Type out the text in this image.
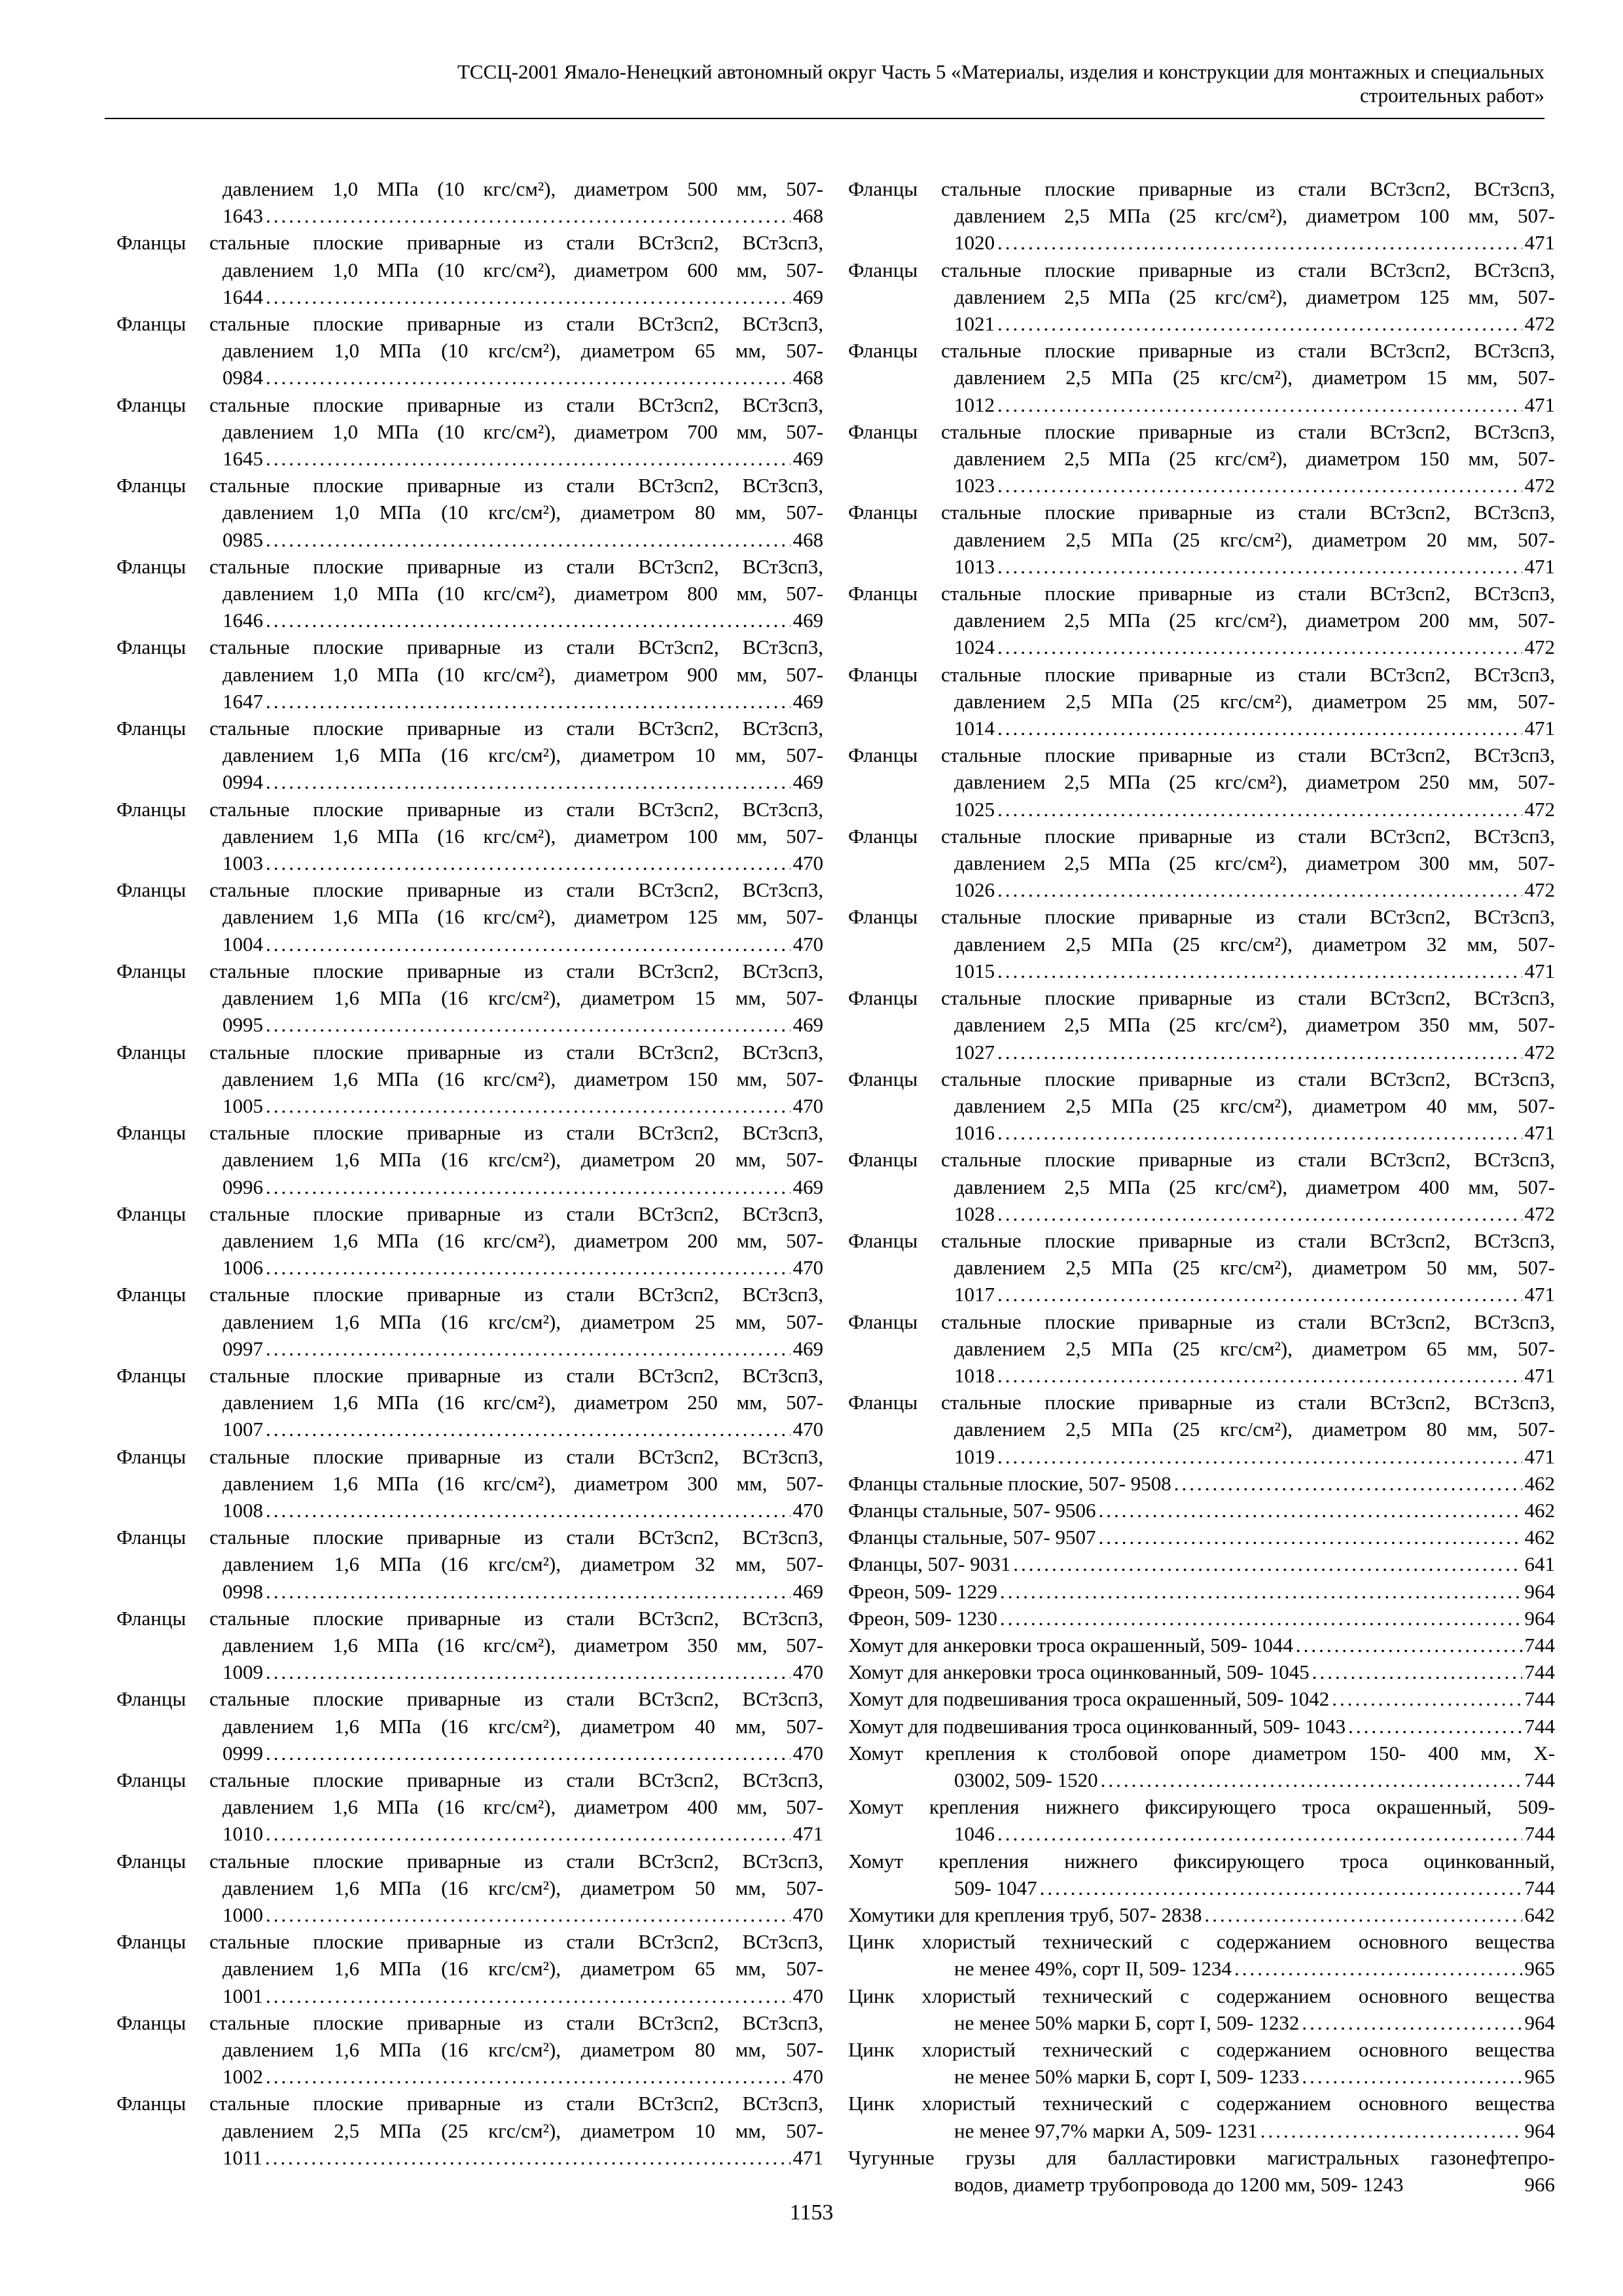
ТССЦ-2001 Ямало-Ненецкий автономный округ Часть 5 «Материалы, изделия и конструкции для монтажных и специальных
строительных работ»
давлением 1,0 МПа (10 кгс/см²), диаметром 500 мм, 507-
1643 .....	468
Фланцы стальные плоские приварные из стали ВСт3сп2, ВСт3сп3,
давлением 1,0 МПа (10 кгс/см²), диаметром 600 мм, 507-
1644 .....	469
Фланцы стальные плоские приварные из стали ВСт3сп2, ВСт3сп3,
давлением 1,0 МПа (10 кгс/см²), диаметром 65 мм, 507-
0984 .....	468
Фланцы стальные плоские приварные из стали ВСт3сп2, ВСт3сп3,
давлением 1,0 МПа (10 кгс/см²), диаметром 700 мм, 507-
1645 .....	469
Фланцы стальные плоские приварные из стали ВСт3сп2, ВСт3сп3,
давлением 1,0 МПа (10 кгс/см²), диаметром 80 мм, 507-
0985 .....	468
Фланцы стальные плоские приварные из стали ВСт3сп2, ВСт3сп3,
давлением 1,0 МПа (10 кгс/см²), диаметром 800 мм, 507-
1646 .....	469
Фланцы стальные плоские приварные из стали ВСт3сп2, ВСт3сп3,
давлением 1,0 МПа (10 кгс/см²), диаметром 900 мм, 507-
1647 .....	469
Фланцы стальные плоские приварные из стали ВСт3сп2, ВСт3сп3,
давлением 1,6 МПа (16 кгс/см²), диаметром 10 мм, 507-
0994 .....	469
Фланцы стальные плоские приварные из стали ВСт3сп2, ВСт3сп3,
давлением 1,6 МПа (16 кгс/см²), диаметром 100 мм, 507-
1003 .....	470
Фланцы стальные плоские приварные из стали ВСт3сп2, ВСт3сп3,
давлением 1,6 МПа (16 кгс/см²), диаметром 125 мм, 507-
1004 .....	470
Фланцы стальные плоские приварные из стали ВСт3сп2, ВСт3сп3,
давлением 1,6 МПа (16 кгс/см²), диаметром 15 мм, 507-
0995 .....	469
Фланцы стальные плоские приварные из стали ВСт3сп2, ВСт3сп3,
давлением 1,6 МПа (16 кгс/см²), диаметром 150 мм, 507-
1005 .....	470
Фланцы стальные плоские приварные из стали ВСт3сп2, ВСт3сп3,
давлением 1,6 МПа (16 кгс/см²), диаметром 20 мм, 507-
0996 .....	469
Фланцы стальные плоские приварные из стали ВСт3сп2, ВСт3сп3,
давлением 1,6 МПа (16 кгс/см²), диаметром 200 мм, 507-
1006 .....	470
Фланцы стальные плоские приварные из стали ВСт3сп2, ВСт3сп3,
давлением 1,6 МПа (16 кгс/см²), диаметром 25 мм, 507-
0997 .....	469
Фланцы стальные плоские приварные из стали ВСт3сп2, ВСт3сп3,
давлением 1,6 МПа (16 кгс/см²), диаметром 250 мм, 507-
1007 .....	470
Фланцы стальные плоские приварные из стали ВСт3сп2, ВСт3сп3,
давлением 1,6 МПа (16 кгс/см²), диаметром 300 мм, 507-
1008 .....	470
Фланцы стальные плоские приварные из стали ВСт3сп2, ВСт3сп3,
давлением 1,6 МПа (16 кгс/см²), диаметром 32 мм, 507-
0998 .....	469
Фланцы стальные плоские приварные из стали ВСт3сп2, ВСт3сп3,
давлением 1,6 МПа (16 кгс/см²), диаметром 350 мм, 507-
1009 .....	470
Фланцы стальные плоские приварные из стали ВСт3сп2, ВСт3сп3,
давлением 1,6 МПа (16 кгс/см²), диаметром 40 мм, 507-
0999 .....	470
Фланцы стальные плоские приварные из стали ВСт3сп2, ВСт3сп3,
давлением 1,6 МПа (16 кгс/см²), диаметром 400 мм, 507-
1010 .....	471
Фланцы стальные плоские приварные из стали ВСт3сп2, ВСт3сп3,
давлением 1,6 МПа (16 кгс/см²), диаметром 50 мм, 507-
1000 .....	470
Фланцы стальные плоские приварные из стали ВСт3сп2, ВСт3сп3,
давлением 1,6 МПа (16 кгс/см²), диаметром 65 мм, 507-
1001 .....	470
Фланцы стальные плоские приварные из стали ВСт3сп2, ВСт3сп3,
давлением 1,6 МПа (16 кгс/см²), диаметром 80 мм, 507-
1002 .....	470
Фланцы стальные плоские приварные из стали ВСт3сп2, ВСт3сп3,
давлением 2,5 МПа (25 кгс/см²), диаметром 10 мм, 507-
1011 .....	471
Фланцы стальные плоские приварные из стали ВСт3сп2, ВСт3сп3,
давлением 2,5 МПа (25 кгс/см²), диаметром 100 мм, 507-
1020 .....	471
Фланцы стальные плоские приварные из стали ВСт3сп2, ВСт3сп3,
давлением 2,5 МПа (25 кгс/см²), диаметром 125 мм, 507-
1021 .....	472
Фланцы стальные плоские приварные из стали ВСт3сп2, ВСт3сп3,
давлением 2,5 МПа (25 кгс/см²), диаметром 15 мм, 507-
1012 .....	471
Фланцы стальные плоские приварные из стали ВСт3сп2, ВСт3сп3,
давлением 2,5 МПа (25 кгс/см²), диаметром 150 мм, 507-
1023 .....	472
Фланцы стальные плоские приварные из стали ВСт3сп2, ВСт3сп3,
давлением 2,5 МПа (25 кгс/см²), диаметром 20 мм, 507-
1013 .....	471
Фланцы стальные плоские приварные из стали ВСт3сп2, ВСт3сп3,
давлением 2,5 МПа (25 кгс/см²), диаметром 200 мм, 507-
1024 .....	472
Фланцы стальные плоские приварные из стали ВСт3сп2, ВСт3сп3,
давлением 2,5 МПа (25 кгс/см²), диаметром 25 мм, 507-
1014 .....	471
Фланцы стальные плоские приварные из стали ВСт3сп2, ВСт3сп3,
давлением 2,5 МПа (25 кгс/см²), диаметром 250 мм, 507-
1025 .....	472
Фланцы стальные плоские приварные из стали ВСт3сп2, ВСт3сп3,
давлением 2,5 МПа (25 кгс/см²), диаметром 300 мм, 507-
1026 .....	472
Фланцы стальные плоские приварные из стали ВСт3сп2, ВСт3сп3,
давлением 2,5 МПа (25 кгс/см²), диаметром 32 мм, 507-
1015 .....	471
Фланцы стальные плоские приварные из стали ВСт3сп2, ВСт3сп3,
давлением 2,5 МПа (25 кгс/см²), диаметром 350 мм, 507-
1027 .....	472
Фланцы стальные плоские приварные из стали ВСт3сп2, ВСт3сп3,
давлением 2,5 МПа (25 кгс/см²), диаметром 40 мм, 507-
1016 .....	471
Фланцы стальные плоские приварные из стали ВСт3сп2, ВСт3сп3,
давлением 2,5 МПа (25 кгс/см²), диаметром 400 мм, 507-
1028 .....	472
Фланцы стальные плоские приварные из стали ВСт3сп2, ВСт3сп3,
давлением 2,5 МПа (25 кгс/см²), диаметром 50 мм, 507-
1017 .....	471
Фланцы стальные плоские приварные из стали ВСт3сп2, ВСт3сп3,
давлением 2,5 МПа (25 кгс/см²), диаметром 65 мм, 507-
1018 .....	471
Фланцы стальные плоские приварные из стали ВСт3сп2, ВСт3сп3,
давлением 2,5 МПа (25 кгс/см²), диаметром 80 мм, 507-
1019 .....	471
Фланцы стальные плоские, 507- 9508 .....	462
Фланцы стальные, 507- 9506 .....	462
Фланцы стальные, 507- 9507 .....	462
Фланцы, 507- 9031 .....	641
Фреон, 509- 1229 .....	964
Фреон, 509- 1230 .....	964
Хомут для анкеровки троса окрашенный, 509- 1044 .....	744
Хомут для анкеровки троса оцинкованный, 509- 1045 .....	744
Хомут для подвешивания троса окрашенный, 509- 1042 .....	744
Хомут для подвешивания троса оцинкованный, 509- 1043 .....	744
Хомут крепления к столбовой опоре диаметром 150- 400 мм, Х-
03002, 509- 1520 .....	744
Хомут крепления нижнего фиксирующего троса окрашенный, 509-
1046 .....	744
Хомут крепления нижнего фиксирующего троса оцинкованный,
509- 1047 .....	744
Хомутики для крепления труб, 507- 2838 .....	642
Цинк хлористый технический с содержанием основного вещества
не менее 49%, сорт II, 509- 1234 .....	965
Цинк хлористый технический с содержанием основного вещества
не менее 50% марки Б, сорт I, 509- 1232 .....	964
Цинк хлористый технический с содержанием основного вещества
не менее 50% марки Б, сорт I, 509- 1233 .....	965
Цинк хлористый технический с содержанием основного вещества
не менее 97,7% марки А, 509- 1231 .....	964
Чугунные грузы для балластировки магистральных газонефтепро-
водов, диаметр трубопровода до 1200 мм, 509- 1243	966
1153
